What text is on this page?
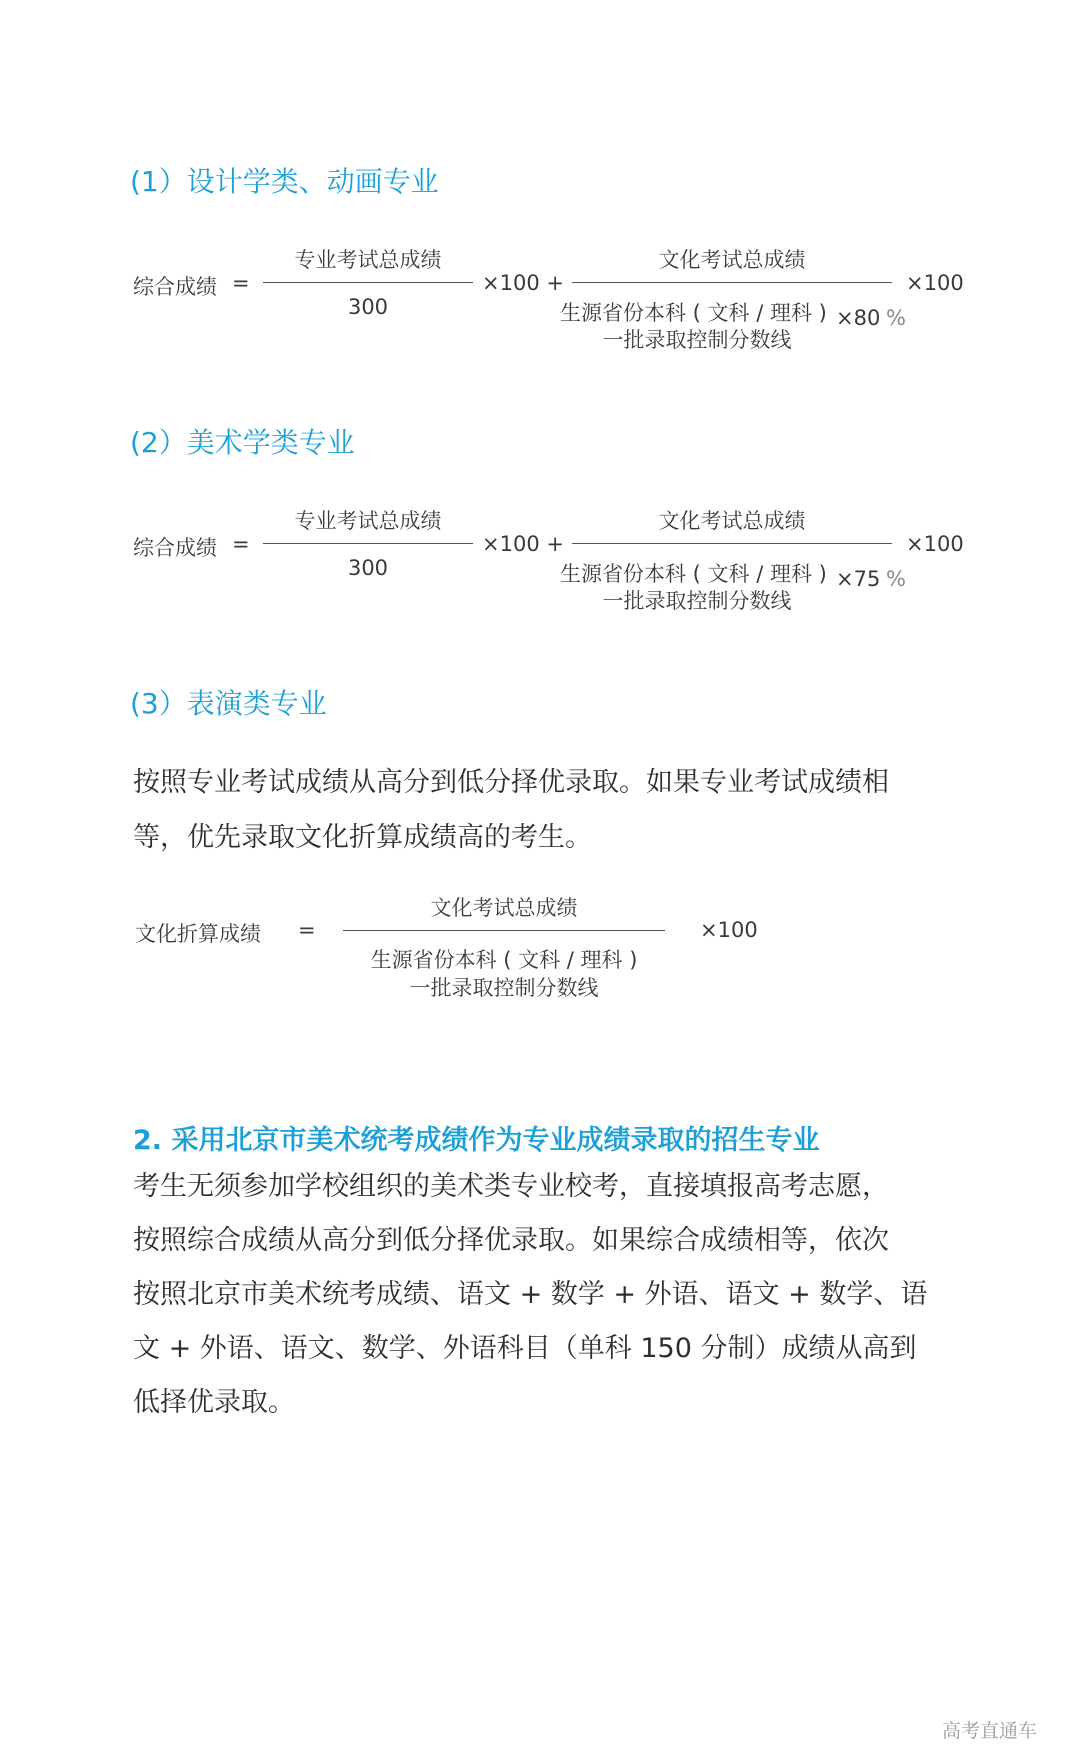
(1）设计学类、动画专业
综合成绩 =
专业考试总成绩
300
×100 +
文化考试总成绩
生源省份本科 ( 文科 / 理科 )
一批录取控制分数线
×80 %
×100
(2）美术学类专业
综合成绩 =
专业考试总成绩
300
×100 +
文化考试总成绩
生源省份本科 ( 文科 / 理科 )
一批录取控制分数线
×75 %
×100
(3）表演类专业
按照专业考试成绩从高分到低分择优录取。如果专业考试成绩相
等，优先录取文化折算成绩高的考生。
文化折算成绩 =
文化考试总成绩
生源省份本科 ( 文科 / 理科 )
一批录取控制分数线
×100
2. 采用北京市美术统考成绩作为专业成绩录取的招生专业
考生无须参加学校组织的美术类专业校考，直接填报高考志愿，
按照综合成绩从高分到低分择优录取。如果综合成绩相等，依次
按照北京市美术统考成绩、语文 + 数学 + 外语、语文 + 数学、语
文 + 外语、语文、数学、外语科目（单科 150 分制）成绩从高到
低择优录取。
高考直通车
